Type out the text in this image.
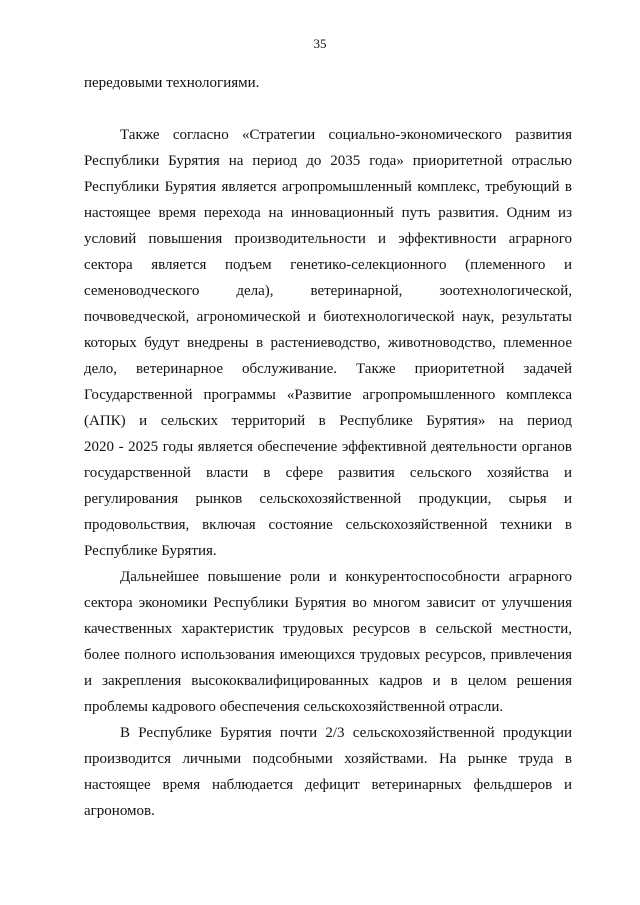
35
передовыми технологиями.
Также согласно «Стратегии социально-экономического развития
Республики Бурятия на период до 2035 года» приоритетной отраслью
Республики Бурятия является агропромышленный комплекс, требующий в
настоящее время перехода на инновационный путь развития. Одним из
условий повышения производительности и эффективности аграрного
сектора является подъем генетико-селекционного (племенного и
семеноводческого дела), ветеринарной, зоотехнологической,
почвоведческой, агрономической и биотехнологической наук, результаты
которых будут внедрены в растениеводство, животноводство, племенное
дело, ветеринарное обслуживание. Также приоритетной задачей
Государственной программы «Развитие агропромышленного комплекса
(АПК) и сельских территорий в Республике Бурятия» на период
2020 - 2025 годы является обеспечение эффективной деятельности органов
государственной власти в сфере развития сельского хозяйства и
регулирования рынков сельскохозяйственной продукции, сырья и
продовольствия, включая состояние сельскохозяйственной техники в
Республике Бурятия.
Дальнейшее повышение роли и конкурентоспособности аграрного
сектора экономики Республики Бурятия во многом зависит от улучшения
качественных характеристик трудовых ресурсов в сельской местности,
более полного использования имеющихся трудовых ресурсов, привлечения
и закрепления высококвалифицированных кадров и в целом решения
проблемы кадрового обеспечения сельскохозяйственной отрасли.
В Республике Бурятия почти 2/3 сельскохозяйственной продукции
производится личными подсобными хозяйствами. На рынке труда в
настоящее время наблюдается дефицит ветеринарных фельдшеров и
агрономов.
